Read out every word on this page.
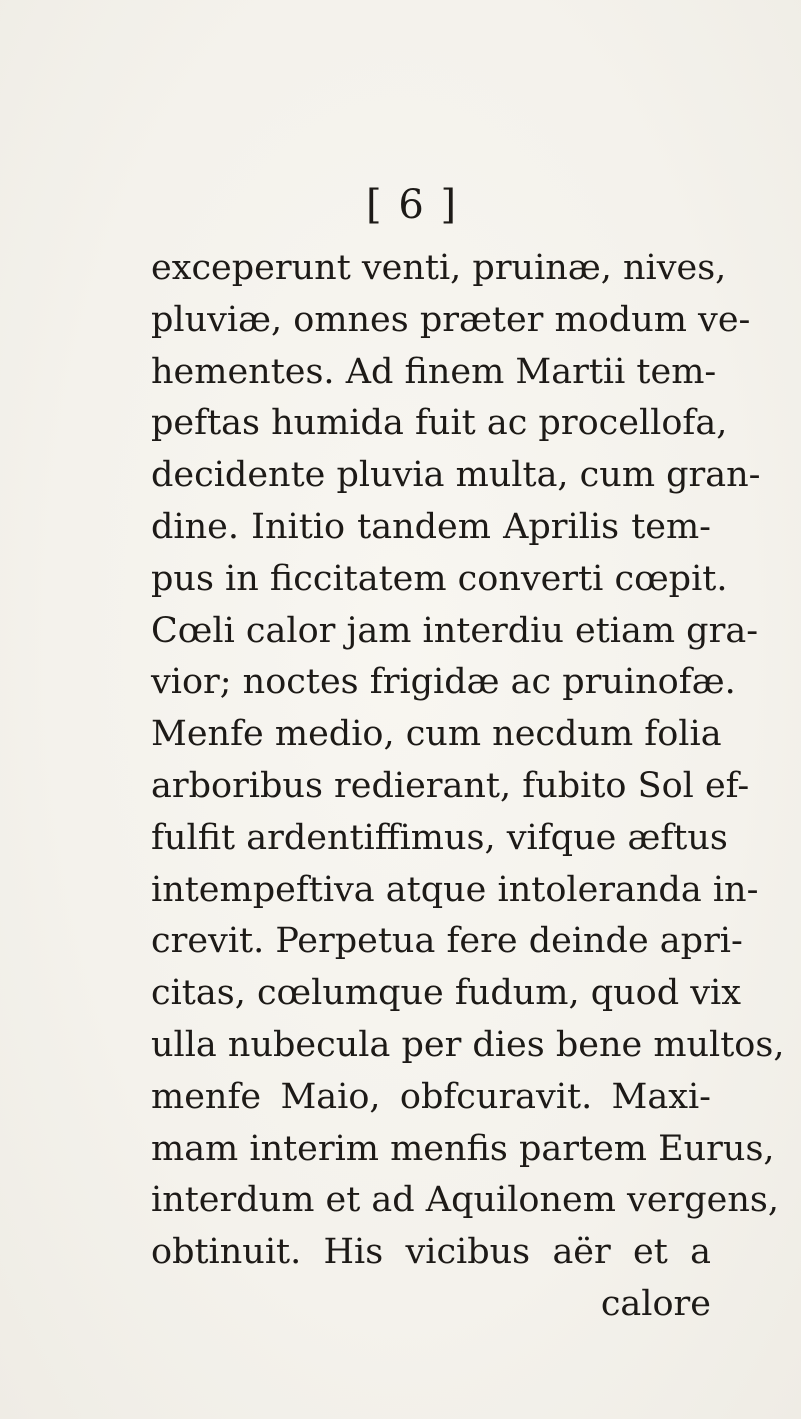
[ 6 ]
exceperunt venti, pruinæ, nives,
pluviæ, omnes præter modum ve-
hementes. Ad finem Martii tem-
peftas humida fuit ac procellofa,
decidente pluvia multa, cum gran-
dine. Initio tandem Aprilis tem-
pus in ficcitatem converti cœpit.
Cœli calor jam interdiu etiam gra-
vior; noctes frigidæ ac pruinofæ.
Menfe medio, cum necdum folia
arboribus redierant, fubito Sol ef-
fulfit ardentiffimus, vifque æftus
intempeftiva atque intoleranda in-
crevit. Perpetua fere deinde apri-
citas, cœlumque fudum, quod vix
ulla nubecula per dies bene multos,
menfe Maio, obfcuravit. Maxi-
mam interim menfis partem Eurus,
interdum et ad Aquilonem vergens,
obtinuit. His vicibus aër et a
calore
